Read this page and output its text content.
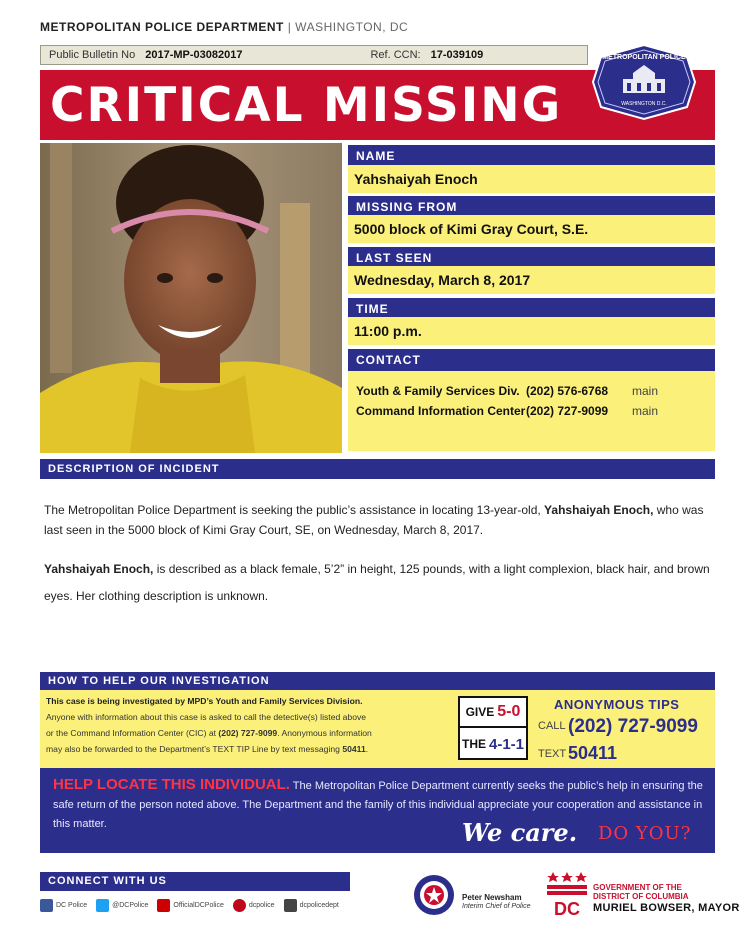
METROPOLITAN POLICE DEPARTMENT | WASHINGTON, DC
Public Bulletin No 2017-MP-03082017	Ref. CCN: 17-039109
CRITICAL MISSING
METROPOLITAN POLICE
WASHINGTON D.C.
NAME
Yahshaiyah Enoch
MISSING FROM
5000 block of Kimi Gray Court, S.E.
LAST SEEN
Wednesday, March 8, 2017
TIME
11:00 p.m.
CONTACT
Youth & Family Services Div. (202) 576-6768	main
Command Information Center (202) 727-9099	main
DESCRIPTION OF INCIDENT
The Metropolitan Police Department is seeking the public’s assistance in locating 13-year-old, Yahshaiyah Enoch, who was last seen in the 5000 block of Kimi Gray Court, SE, on Wednesday, March 8, 2017.
Yahshaiyah Enoch, is described as a black female, 5’2” in height, 125 pounds, with a light complexion, black hair, and brown eyes. Her clothing description is unknown.
HOW TO HELP OUR INVESTIGATION
This case is being investigated by MPD’s Youth and Family Services Division.
Anyone with information about this case is asked to call the detective(s) listed above
or the Command Information Center (CIC) at (202) 727-9099. Anonymous information
may also be forwarded to the Department’s TEXT TIP Line by text messaging 50411.
GIVE 5-0
THE 4-1-1
ANONYMOUS TIPS
CALL (202) 727-9099
TEXT 50411
HELP LOCATE THIS INDIVIDUAL. The Metropolitan Police Department currently seeks the public’s help in ensuring the safe return of the person noted above. The Department and the family of this individual appreciate your cooperation and assistance in this matter.	We care. DO YOU?
CONNECT WITH US
DC Police	@DCPolice	OfficialDCPolice	dcpolice	dcpolicedept
Peter Newsham
Interim Chief of Police DC
GOVERNMENT OF THE DISTRICT OF COLUMBIA
MURIEL BOWSER, MAYOR
